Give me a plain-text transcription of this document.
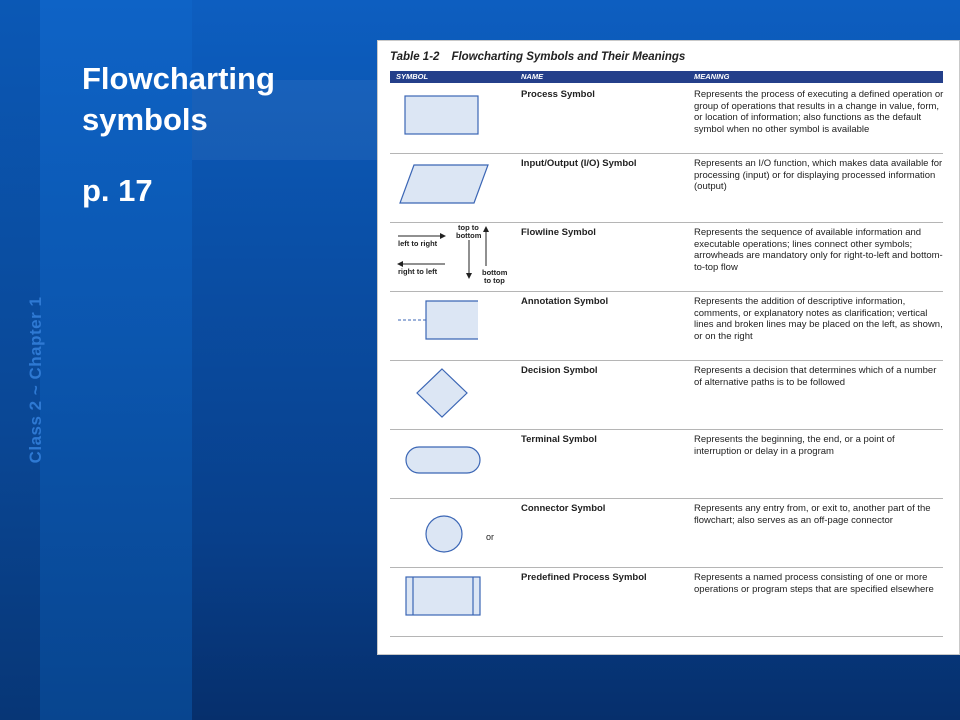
Class 2 ~ Chapter 1
Flowcharting symbols
p. 17
Table 1-2 Flowcharting Symbols and Their Meanings
SYMBOL	NAME	MEANING
Process Symbol	Represents the process of executing a defined operation or group of operations that results in a change in value, form, or location of information; also functions as the default symbol when no other symbol is available
Input/Output (I/O) Symbol	Represents an I/O function, which makes data available for processing (input) or for displaying processed information (output)
left to right
right to left
top to
bottom
bottom
to top
Flowline Symbol	Represents the sequence of available information and executable operations; lines connect other symbols; arrowheads are mandatory only for right-to-left and bottom-to-top flow
Annotation Symbol	Represents the addition of descriptive information, comments, or explanatory notes as clarification; vertical lines and broken lines may be placed on the left, as shown, or on the right
Decision Symbol	Represents a decision that determines which of a number of alternative paths is to be followed
Terminal Symbol	Represents the beginning, the end, or a point of interruption or delay in a program
or
Connector Symbol	Represents any entry from, or exit to, another part of the flowchart; also serves as an off-page connector
Predefined Process Symbol	Represents a named process consisting of one or more operations or program steps that are specified elsewhere
